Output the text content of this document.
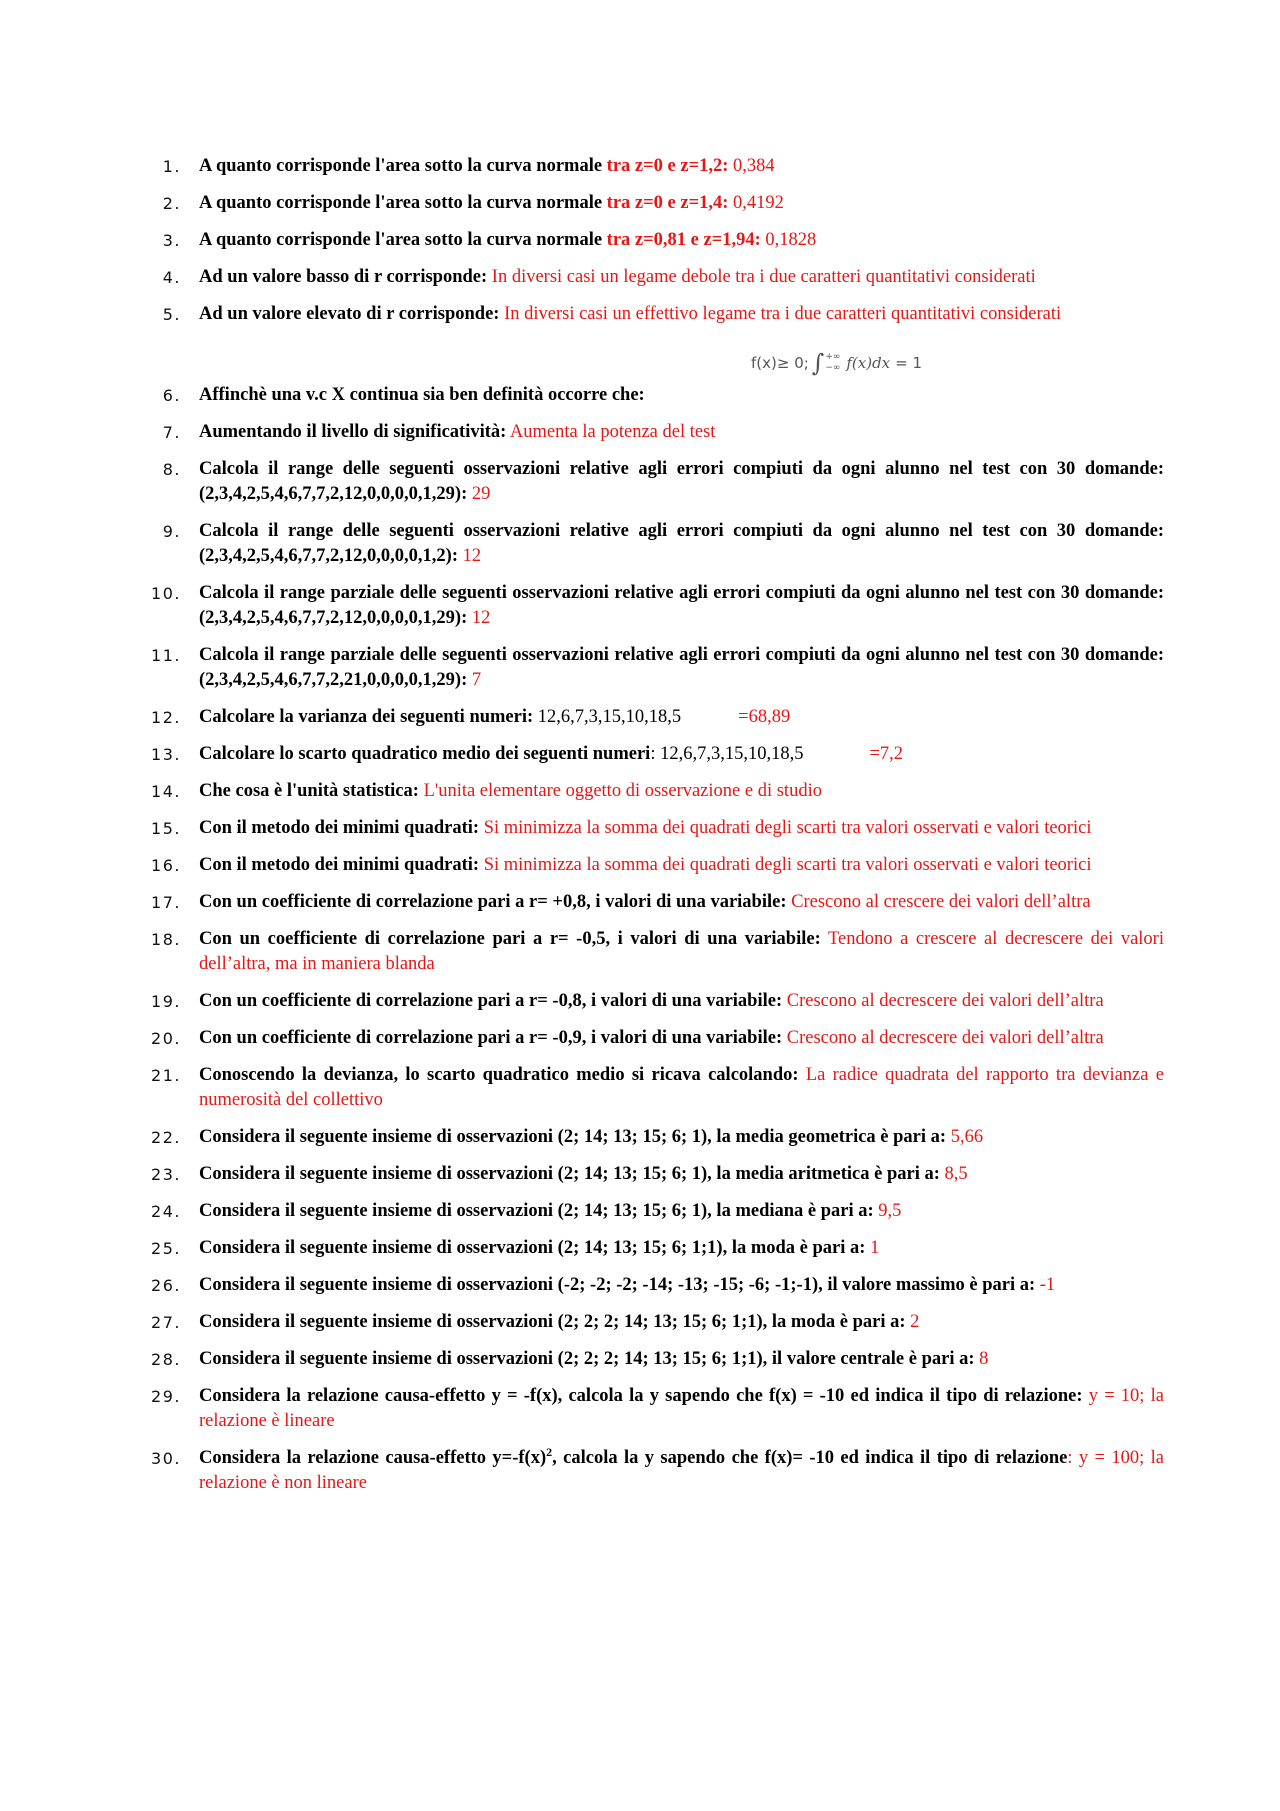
1. A quanto corrisponde l'area sotto la curva normale tra z=0 e z=1,2: 0,384
2. A quanto corrisponde l'area sotto la curva normale tra z=0 e z=1,4: 0,4192
3. A quanto corrisponde l'area sotto la curva normale tra z=0,81 e z=1,94: 0,1828
4. Ad un valore basso di r corrisponde: In diversi casi un legame debole tra i due caratteri quantitativi considerati
5. Ad un valore elevato di r corrisponde: In diversi casi un effettivo legame tra i due caratteri quantitativi considerati
f(x)≥ 0; ∫ +∞
−∞ f(x)dx = 1
6. Affinchè una v.c X continua sia ben definità occorre che:
7. Aumentando il livello di significatività: Aumenta la potenza del test
8. Calcola il range delle seguenti osservazioni relative agli errori compiuti da ogni alunno nel test con 30 domande: (2,3,4,2,5,4,6,7,7,2,12,0,0,0,0,1,29): 29
9. Calcola il range delle seguenti osservazioni relative agli errori compiuti da ogni alunno nel test con 30 domande: (2,3,4,2,5,4,6,7,7,2,12,0,0,0,0,1,2): 12
10. Calcola il range parziale delle seguenti osservazioni relative agli errori compiuti da ogni alunno nel test con 30 domande: (2,3,4,2,5,4,6,7,7,2,12,0,0,0,0,1,29): 12
11. Calcola il range parziale delle seguenti osservazioni relative agli errori compiuti da ogni alunno nel test con 30 domande: (2,3,4,2,5,4,6,7,7,2,21,0,0,0,0,1,29): 7
12. Calcolare la varianza dei seguenti numeri: 12,6,7,3,15,10,18,5	=68,89
13. Calcolare lo scarto quadratico medio dei seguenti numeri: 12,6,7,3,15,10,18,5	=7,2
14. Che cosa è l'unità statistica: L'unita elementare oggetto di osservazione e di studio
15. Con il metodo dei minimi quadrati: Si minimizza la somma dei quadrati degli scarti tra valori osservati e valori teorici
16. Con il metodo dei minimi quadrati: Si minimizza la somma dei quadrati degli scarti tra valori osservati e valori teorici
17. Con un coefficiente di correlazione pari a r= +0,8, i valori di una variabile: Crescono al crescere dei valori dell’altra
18. Con un coefficiente di correlazione pari a r= -0,5, i valori di una variabile: Tendono a crescere al decrescere dei valori dell’altra, ma in maniera blanda
19. Con un coefficiente di correlazione pari a r= -0,8, i valori di una variabile: Crescono al decrescere dei valori dell’altra
20. Con un coefficiente di correlazione pari a r= -0,9, i valori di una variabile: Crescono al decrescere dei valori dell’altra
21. Conoscendo la devianza, lo scarto quadratico medio si ricava calcolando: La radice quadrata del rapporto tra devianza e numerosità del collettivo
22. Considera il seguente insieme di osservazioni (2; 14; 13; 15; 6; 1), la media geometrica è pari a: 5,66
23. Considera il seguente insieme di osservazioni (2; 14; 13; 15; 6; 1), la media aritmetica è pari a: 8,5
24. Considera il seguente insieme di osservazioni (2; 14; 13; 15; 6; 1), la mediana è pari a: 9,5
25. Considera il seguente insieme di osservazioni (2; 14; 13; 15; 6; 1;1), la moda è pari a: 1
26. Considera il seguente insieme di osservazioni (-2; -2; -2; -14; -13; -15; -6; -1;-1), il valore massimo è pari a: -1
27. Considera il seguente insieme di osservazioni (2; 2; 2; 14; 13; 15; 6; 1;1), la moda è pari a: 2
28. Considera il seguente insieme di osservazioni (2; 2; 2; 14; 13; 15; 6; 1;1), il valore centrale è pari a: 8
29. Considera la relazione causa-effetto y = -f(x), calcola la y sapendo che f(x) = -10 ed indica il tipo di relazione: y = 10; la relazione è lineare
30. Considera la relazione causa-effetto $y=-f(x)^2$, calcola la y sapendo che f(x)= -10 ed indica il tipo di relazione: y = 100; la relazione è non lineare
